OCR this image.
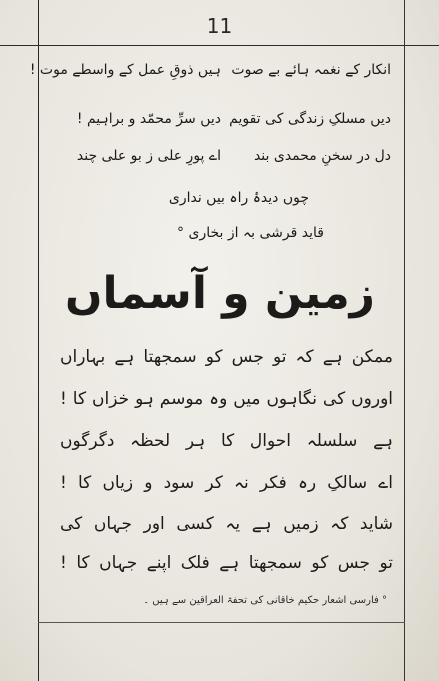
11
انکار کے نغمہ ہائے بے صوت
ہیں ذوقِ عمل کے واسطے موت !
دیں مسلکِ زندگی کی تقویم
دیں سرِّ محمّد و براہیم !
دل در سخنِ محمدی بند
اے پورِ علی ز بو علی چند
چوں دیدۂ راہ بیں نداری
قاید قرشی بہ از بخاری °
زمین و آسماں
ممکن ہے کہ تو جس کو سمجھتا ہے بہاراں
اوروں کی نگاہوں میں وہ موسم ہو خزاں کا !
ہے سلسلہ احوال کا ہر لحظہ دگرگوں
اے سالکِ رہ فکر نہ کر سود و زیاں کا !
شاید کہ زمیں ہے یہ کسی اور جہاں کی
تو جس کو سمجھتا ہے فلک اپنے جہاں کا !
° فارسی اشعار حکیم خاقانی کی تحفۃ العراقین سے ہیں ۔
